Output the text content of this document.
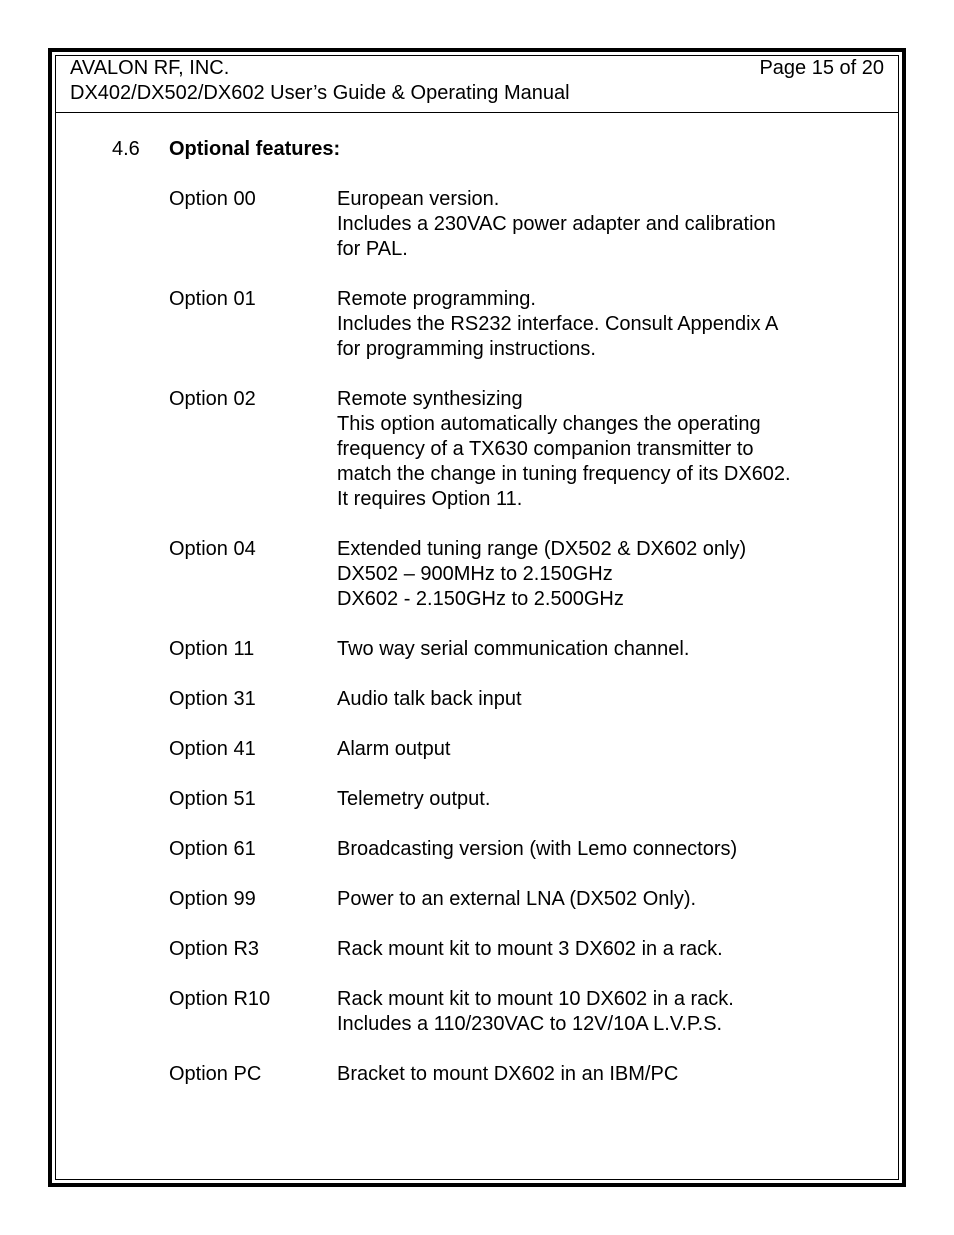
AVALON RF, INC.	Page 15 of 20
DX402/DX502/DX602 User’s Guide & Operating Manual
4.6 Optional features:
Option 00	European version.
Includes a 230VAC power adapter and calibration
for PAL.
Option 01	Remote programming.
Includes the RS232 interface. Consult Appendix A
for programming instructions.
Option 02	Remote synthesizing
This option automatically changes the operating
frequency of a TX630 companion transmitter to
match the change in tuning frequency of its DX602.
It requires Option 11.
Option 04	Extended tuning range (DX502 & DX602 only)
DX502 – 900MHz to 2.150GHz
DX602 - 2.150GHz to 2.500GHz
Option 11	Two way serial communication channel.
Option 31	Audio talk back input
Option 41	Alarm output
Option 51	Telemetry output.
Option 61	Broadcasting version (with Lemo connectors)
Option 99	Power to an external LNA (DX502 Only).
Option R3	Rack mount kit to mount 3 DX602 in a rack.
Option R10	Rack mount kit to mount 10 DX602 in a rack.
Includes a 110/230VAC to 12V/10A L.V.P.S.
Option PC	Bracket to mount DX602 in an IBM/PC
